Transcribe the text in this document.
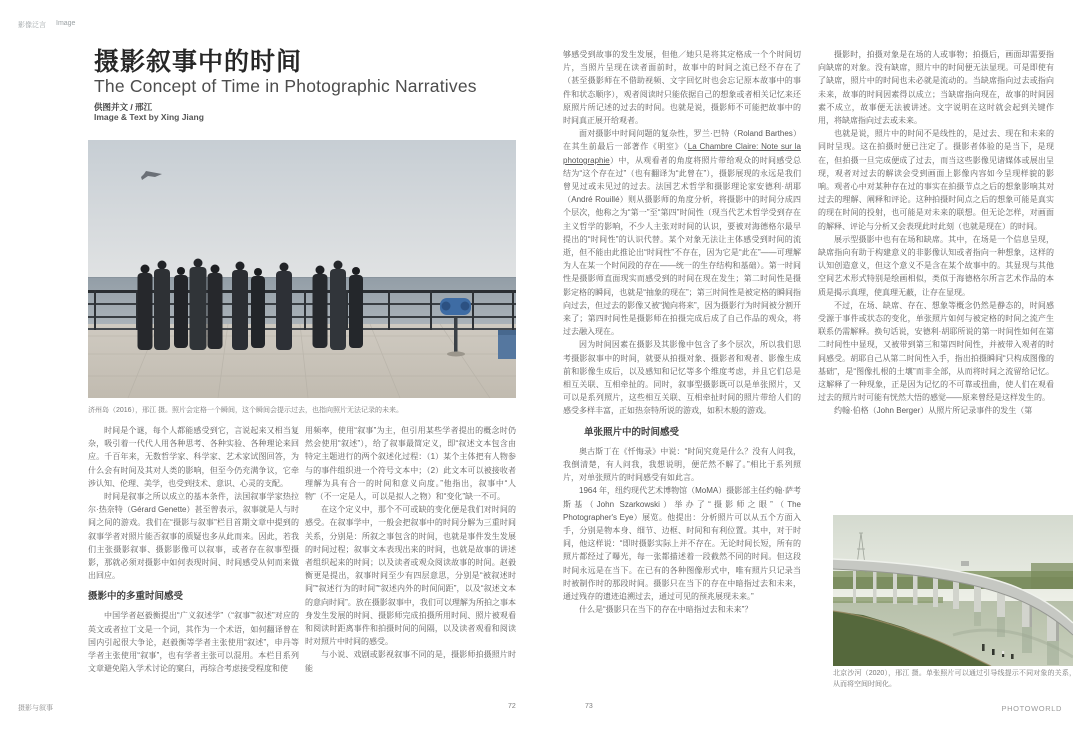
影像泛言 Image
摄影叙事中的时间
The Concept of Time in Photographic Narratives
供图并文 / 邢江
Image & Text by Xing Jiang
济州岛（2016），邢江 摄。照片会定格一个瞬间，这个瞬间会提示过去，也指向照片无法记录的未来。

时间是个谜，每个人都能感受到它，言说起来又相当复杂，吸引着一代代人用各种思考、各种实验、各种理论来回应。千百年来，无数哲学家、科学家、艺术家试图回答，为什么会有时间及其对人类的影响，但至今仍充满争议，它牵涉认知、伦理、美学，也受到技术、意识、心灵的支配。

时间是叙事之所以成立的基本条件，法国叙事学家热拉尔·热奈特（Gérard Genette）甚至曾表示，叙事就是人与时间之间的游戏。我们在“摄影与叙事”栏目首期文章中提到的叙事学者对照片能否叙事的质疑也多从此而来。因此，若我们主张摄影叙事、摄影影像可以叙事，或者存在叙事型摄影，那就必须对摄影中如何表现时间、时间感受从何而来做出回应。

摄影中的多重时间感受

中国学者赵毅衡提出“广义叙述学”（“叙事”“叙述”对应的英文或者拉丁文是一个词，其作为一个术语，如何翻译曾在国内引起很大争论，赵毅衡等学者主张使用“叙述”，申丹等学者主张使用“叙事”，也有学者主张可以混用。本栏目系列文章避免陷入学术讨论的窠臼，再综合考虑接受程度和使

用频率，使用“叙事”为主，但引用某些学者提出的概念时仍然会使用“叙述”），给了叙事最简定义，即“叙述文本包含由特定主题进行的两个叙述化过程：（1）某个主体把有人物参与的事件组织进一个符号文本中；（2）此文本可以被接收者理解为具有合一的时间和意义向度。”他指出，叙事中“人物”（不一定是人，可以是拟人之物）和“变化”缺一不可。

在这个定义中，那个不可或缺的变化便是我们对时间的感受。在叙事学中，一般会把叙事中的时间分解为三重时间关系，分别是：所叙之事包含的时间，也就是事件发生发展的时间过程；叙事文本表现出来的时间，也就是故事的讲述者组织起来的时间；以及读者或观众阅读故事的时间。赵毅衡更是提出，叙事时间至少有四层意思，分别是“被叙述时间”“叙述行为的时间”“叙述内外的时间间距”，以及“叙述文本的意向时间”。放在摄影叙事中，我们可以理解为所拍之事本身发生发展的时间、摄影师完成拍摄所用时间、照片被观看和阅读时距离事件和拍摄时间的间隔，以及读者观看和阅读时对照片中时间的感受。

与小说、戏剧或影视叙事不同的是，摄影师拍摄照片时能

够感受到故事的发生发展，但他／她只是将其定格成一个个时间切片，当照片呈现在读者面前时，故事中的时间之流已经不存在了（甚至摄影师在不借助视频、文字回忆时也会忘记原本故事中的事件和状态顺序），观者阅读时只能依据自己的想象或者相关记忆来还原照片所记述的过去的时间。也就是说，摄影师不可能把故事中的时间真正展开给观者。

面对摄影中时间问题的复杂性，罗兰·巴特（Roland Barthes）在其生前最后一部著作《明室》（La Chambre Claire: Note sur la photographie）中，从观看者的角度将照片带给观众的时间感受总结为“这个存在过”（也有翻译为“此曾在”），摄影展现的永远是我们曾见过或未见过的过去。法国艺术哲学和摄影理论家安德利·胡耶（André Rouillé）则从摄影师的角度分析，将摄影中的时间分成四个层次，他称之为“第一”至“第四”时间性（现当代艺术哲学受到存在主义哲学的影响，不少人主张对时间的认识，要被对海德格尔最早提出的“时间性”的认识代替。某个对象无法让主体感受到时间的流逝，但不能由此推论出“时间性”不存在，因为它是“此在”——可理解为人在某一个时间段的存在——统一的生存结构和基础）。第一时间性是摄影师直面现实而感受到的时间在现在发生；第二时间性是摄影定格的瞬间，也就是“抽象的现在”；第三时间性是被定格的瞬间指向过去，但过去的影像又被“抛向将来”，因为摄影行为时间被分割开来了；第四时间性是摄影师在拍摄完成后成了自己作品的观众，将过去融入现在。

因为时间因素在摄影及其影像中包含了多个层次，所以我们思考摄影叙事中的时间，就要从拍摄对象、摄影者和观者、影像生成前和影像生成后，以及感知和记忆等多个维度考虑，并且它们总是相互关联、互相牵扯的。同时，叙事型摄影既可以是单张照片，又可以是系列照片，这些相互关联、互相牵扯时间的照片带给人们的感受多样丰富，正如热奈特所说的游戏，如积木般的游戏。

单张照片中的时间感受

奥古斯丁在《忏悔录》中说：“时间究竟是什么？没有人问我，我倒清楚，有人问我，我想说明，便茫然不解了。”相比于系列照片，对单张照片的时间感受有如此言。

1964 年，纽约现代艺术博物馆（MoMA）摄影部主任约翰·萨考斯基（John Szarkowski）举办了“摄影师之眼”（The Photographer's Eye）展览。他提出：分析照片可以从五个方面入手，分别是物本身、细节、边框、时间和有利位置。其中，对于时间，他这样说：“即时摄影实际上并不存在。无论时间长短，所有的照片都经过了曝光，每一张都描述着一段截然不同的时间。但这段时间永远是在当下。在已有的各种图像形式中，唯有照片只记录当时被制作时的那段时间。摄影只在当下的存在中暗指过去和未来，通过残存的遗迹追溯过去，通过可见的预兆展现未来。”

什么是“摄影只在当下的存在中暗指过去和未来”？

摄影时，拍摄对象是在场的人或事物；拍摄后，画面却需要指向缺席的对象。没有缺席，照片中的时间便无法显现。可是即使有了缺席，照片中的时间也未必就是流动的。当缺席指向过去或指向未来，故事的时间因素得以成立；当缺席指向现在，故事的时间因素不成立，故事便无法被讲述。文字说明在这时就会起到关键作用，将缺席指向过去或未来。

也就是说，照片中的时间不是线性的，是过去、现在和未来的同时呈现。这在拍摄时便已注定了。摄影者体验的是当下，是现在，但拍摄一旦完成便成了过去，而当这些影像见诸媒体或展出呈现，观者对过去的解读会受到画面上影像内容如今呈现样貌的影响。观者心中对某种存在过的事实在拍摄节点之后的想象影响其对过去的理解、阐释和评论。这种拍摄时间点之后的想象可能是真实的现在时间的投射，也可能是对未来的联想。但无论怎样，对画面的解释、评论与分析又会表现此时此刻（也就是现在）的时间。

展示型摄影中也有在场和缺席。其中，在场是一个信息呈现，缺席指向有助于构建意义的非影像认知或者指向一种想象，这样的认知创造意义，但这个意义不是含在某个故事中的。其显现与其他空间艺术形式特别是绘画相似，类似于海德格尔所言艺术作品的本质是揭示真理，使真理无蔽，让存在显现。

不过，在场、缺席、存在、想象等概念仍然是静态的，时间感受源于事件或状态的变化，单张照片如何与被定格的时间之流产生联系仍需解释。换句话说，安德利·胡耶所说的第一时间性如何在第二时间性中显现，又被带到第三和第四时间性，并被带入观者的时间感受。胡耶自己从第二时间性入手，指出拍摄瞬间“只构成图像的基础”，是“图像扎根的土壤”而非全部，从而将时间之流留给记忆。这解释了一种现象，正是因为记忆的不可靠或扭曲，使人们在观看过去的照片时可能有恍然大悟的感觉——原来曾经是这样发生的。

约翰·伯格（John Berger）从照片所记录事件的发生（第

北京沙河（2020），邢江 摄。单张照片可以通过引导线提示不同对象的关系，从而将空间时间化。
摄影与叙事	72	73	PHOTOWORLD
